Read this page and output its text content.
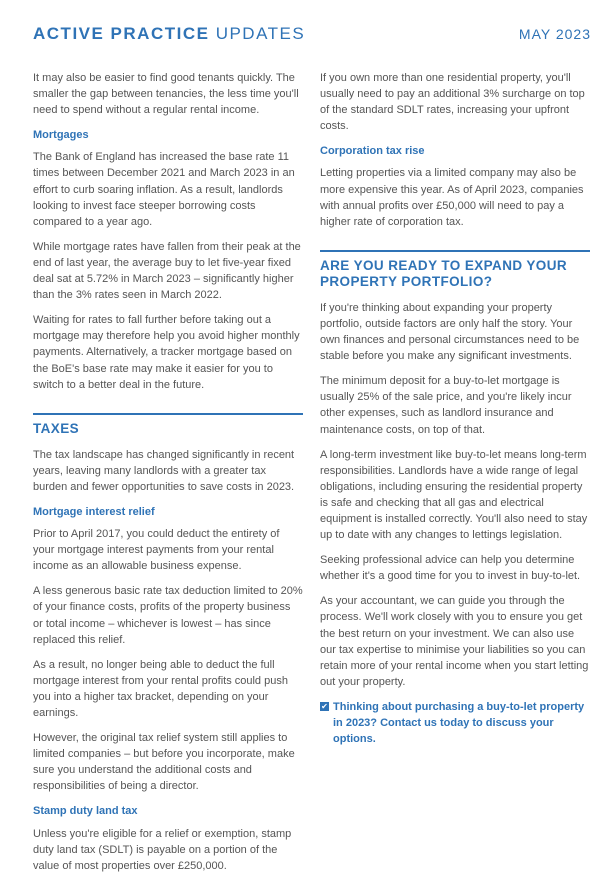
ACTIVE PRACTICE UPDATES	MAY 2023

It may also be easier to find good tenants quickly. The smaller the gap between tenancies, the less time you'll need to spend without a regular rental income.

Mortgages

The Bank of England has increased the base rate 11 times between December 2021 and March 2023 in an effort to curb soaring inflation. As a result, landlords looking to invest face steeper borrowing costs compared to a year ago.

While mortgage rates have fallen from their peak at the end of last year, the average buy to let five-year fixed deal sat at 5.72% in March 2023 – significantly higher than the 3% rates seen in March 2022.

Waiting for rates to fall further before taking out a mortgage may therefore help you avoid higher monthly payments. Alternatively, a tracker mortgage based on the BoE's base rate may make it easier for you to switch to a better deal in the future.

TAXES

The tax landscape has changed significantly in recent years, leaving many landlords with a greater tax burden and fewer opportunities to save costs in 2023.

Mortgage interest relief

Prior to April 2017, you could deduct the entirety of your mortgage interest payments from your rental income as an allowable business expense.

A less generous basic rate tax deduction limited to 20% of your finance costs, profits of the property business or total income – whichever is lowest – has since replaced this relief.

As a result, no longer being able to deduct the full mortgage interest from your rental profits could push you into a higher tax bracket, depending on your earnings.

However, the original tax relief system still applies to limited companies – but before you incorporate, make sure you understand the additional costs and responsibilities of being a director.

Stamp duty land tax

Unless you're eligible for a relief or exemption, stamp duty land tax (SDLT) is payable on a portion of the value of most properties over £250,000.

If you own more than one residential property, you'll usually need to pay an additional 3% surcharge on top of the standard SDLT rates, increasing your upfront costs.

Corporation tax rise

Letting properties via a limited company may also be more expensive this year. As of April 2023, companies with annual profits over £50,000 will need to pay a higher rate of corporation tax.

ARE YOU READY TO EXPAND YOUR PROPERTY PORTFOLIO?

If you're thinking about expanding your property portfolio, outside factors are only half the story. Your own finances and personal circumstances need to be stable before you make any significant investments.

The minimum deposit for a buy-to-let mortgage is usually 25% of the sale price, and you're likely incur other expenses, such as landlord insurance and maintenance costs, on top of that.

A long-term investment like buy-to-let means long-term responsibilities. Landlords have a wide range of legal obligations, including ensuring the residential property is safe and checking that all gas and electrical equipment is installed correctly. You'll also need to stay up to date with any changes to lettings legislation.

Seeking professional advice can help you determine whether it's a good time for you to invest in buy-to-let.

As your accountant, we can guide you through the process. We'll work closely with you to ensure you get the best return on your investment. We can also use our tax expertise to minimise your liabilities so you can retain more of your rental income when you start letting out your property.

✔ Thinking about purchasing a buy-to-let property in 2023? Contact us today to discuss your options.
